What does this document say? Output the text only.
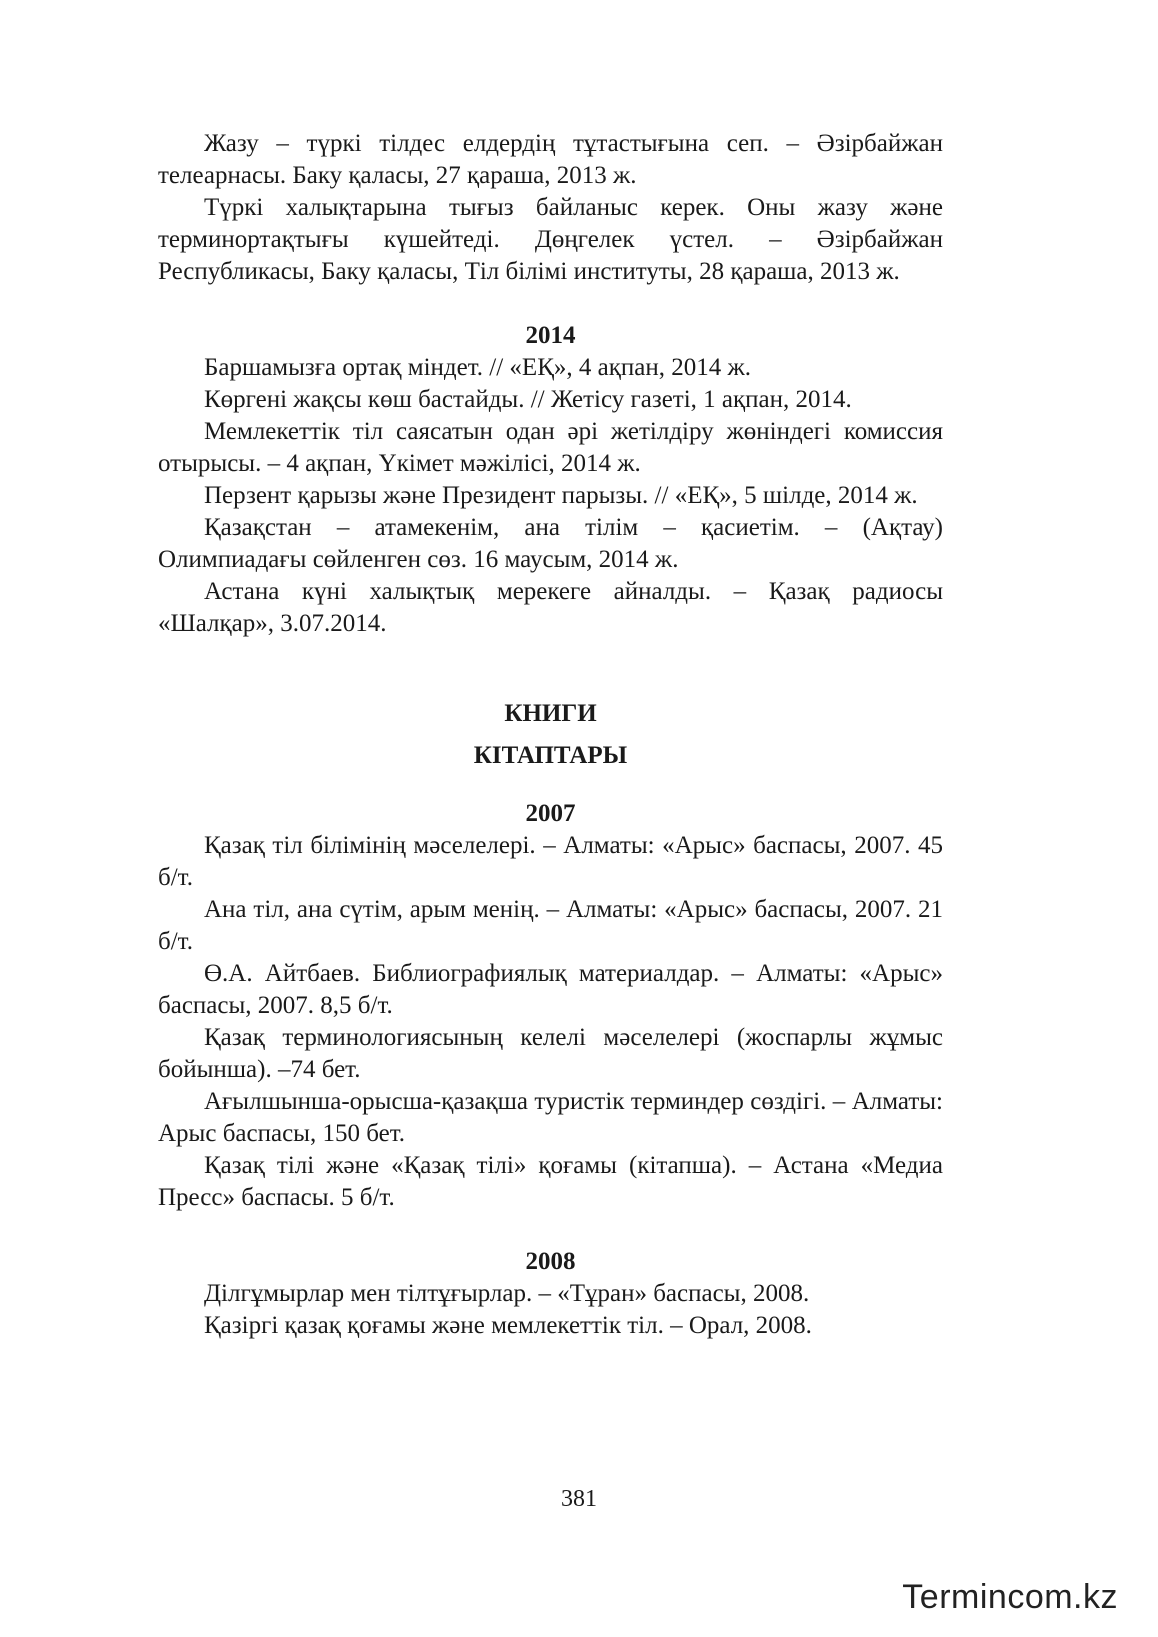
Жазу – түркі тілдес елдердің тұтастығына сеп. – Әзірбайжан телеарнасы. Баку қаласы, 27 қараша, 2013 ж.

Түркі халықтарына тығыз байланыс керек. Оны жазу және терминортақтығы күшейтеді. Дөңгелек үстел. – Әзірбайжан Республикасы, Баку қаласы, Тіл білімі институты, 28 қараша, 2013 ж.

2014

Баршамызға ортақ міндет. // «ЕҚ», 4 ақпан, 2014 ж.

Көргені жақсы көш бастайды. // Жетісу газеті, 1 ақпан, 2014.

Мемлекеттік тіл саясатын одан әрі жетілдіру жөніндегі комиссия отырысы. – 4 ақпан, Үкімет мәжілісі, 2014 ж.

Перзент қарызы және Президент парызы. // «ЕҚ», 5 шілде, 2014 ж.

Қазақстан – атамекенім, ана тілім – қасиетім. – (Ақтау) Олимпиадағы сөйленген сөз. 16 маусым, 2014 ж.

Астана күні халықтық мерекеге айналды. – Қазақ радиосы «Шалқар», 3.07.2014.

КНИГИ

КІТАПТАРЫ

2007

Қазақ тіл білімінің мәселелері. – Алматы: «Арыс» баспасы, 2007. 45 б/т.

Ана тіл, ана сүтім, арым менің. – Алматы: «Арыс» баспасы, 2007. 21 б/т.

Ө.А. Айтбаев. Библиографиялық материалдар. – Алматы: «Арыс» баспасы, 2007. 8,5 б/т.

Қазақ терминологиясының келелі мәселелері (жоспарлы жұмыс бойынша). –74 бет.

Ағылшынша-орысша-қазақша туристік терминдер сөздігі. – Алматы: Арыс баспасы, 150 бет.

Қазақ тілі және «Қазақ тілі» қоғамы (кітапша). – Астана «Медиа Пресс» баспасы. 5 б/т.

2008

Ділгұмырлар мен тілтұғырлар. – «Тұран» баспасы, 2008.

Қазіргі қазақ қоғамы және мемлекеттік тіл. – Орал, 2008.

381
Termincom.kz
